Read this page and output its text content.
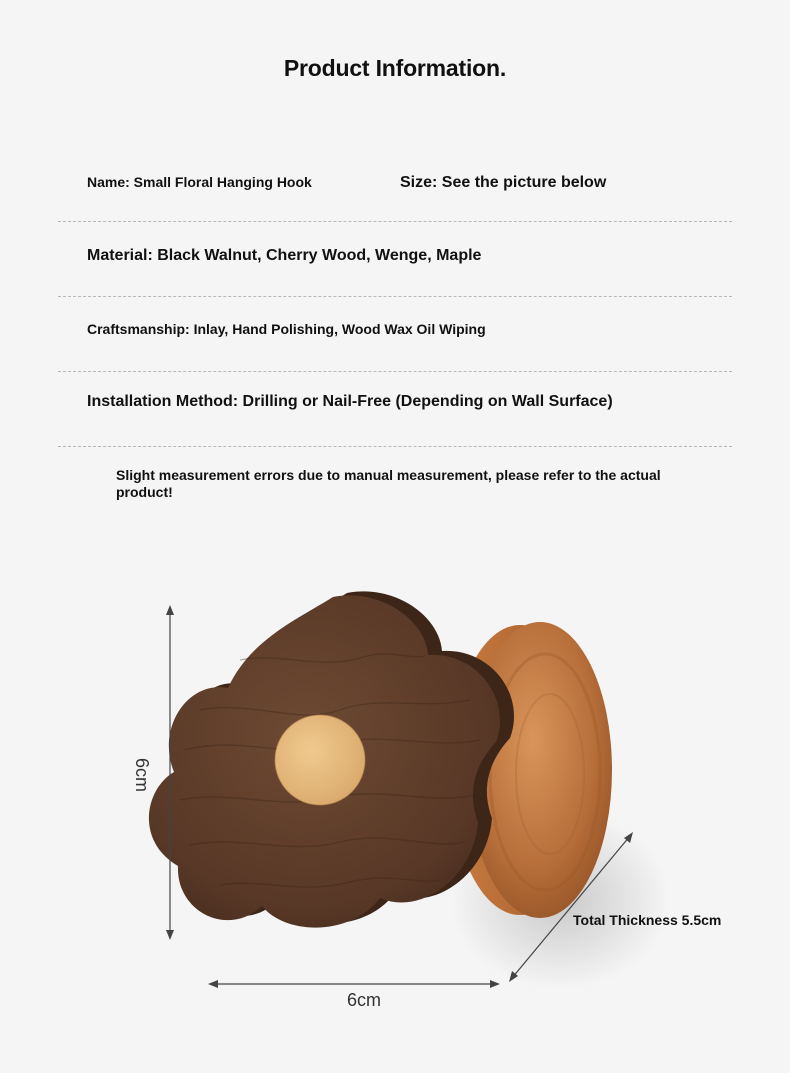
Product Information.
Name: Small Floral Hanging Hook	Size: See the picture below
Material: Black Walnut, Cherry Wood, Wenge, Maple
Craftsmanship: Inlay, Hand Polishing, Wood Wax Oil Wiping
Installation Method: Drilling or Nail-Free (Depending on Wall Surface)
Slight measurement errors due to manual measurement, please refer to the actual product!
6cm
6cm
Total Thickness 5.5cm
